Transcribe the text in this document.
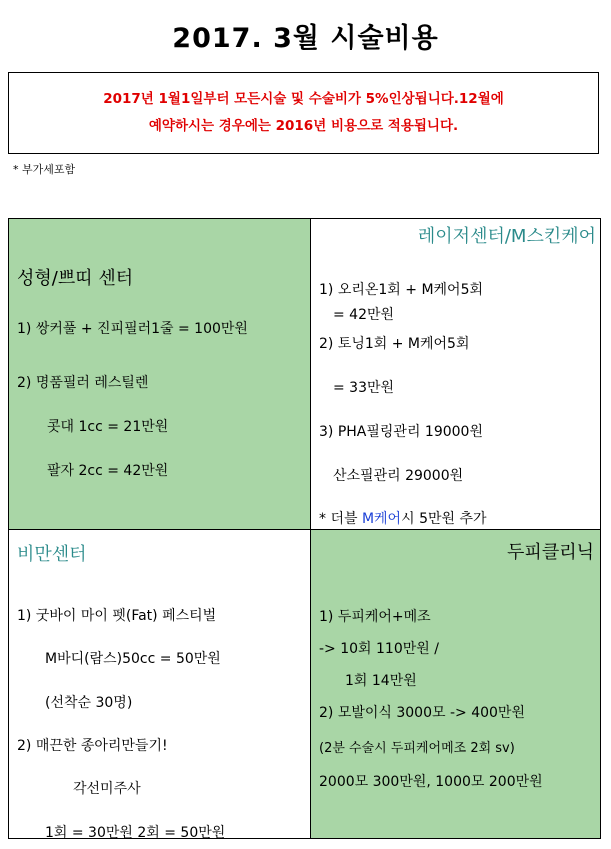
2017. 3월 시술비용
2017년 1월1일부터 모든시술 및 수술비가 5%인상됩니다.12월에
예약하시는 경우에는 2016년 비용으로 적용됩니다.
* 부가세포함
성형/쁘띠 센터
1) 쌍커풀 + 진피필러1줄 = 100만원
2) 명품필러 레스틸렌
콧대 1cc = 21만원
팔자 2cc = 42만원
레이저센터/M스킨케어
1) 오리온1회 + M케어5회
= 42만원
2) 토닝1회 + M케어5회
= 33만원
3) PHA필링관리 19000원
산소필관리 29000원
* 더블 M케어시 5만원 추가
비만센터
1) 굿바이 마이 펫(Fat) 페스티벌
M바디(람스)50cc = 50만원
(선착순 30명)
2) 매끈한 종아리만들기!
각선미주사
1회 = 30만원 2회 = 50만원
두피클리닉
1) 두피케어+메조
-> 10회 110만원 /
1회 14만원
2) 모발이식 3000모 -> 400만원
(2분 수술시 두피케어메조 2회 sv)
2000모 300만원, 1000모 200만원
